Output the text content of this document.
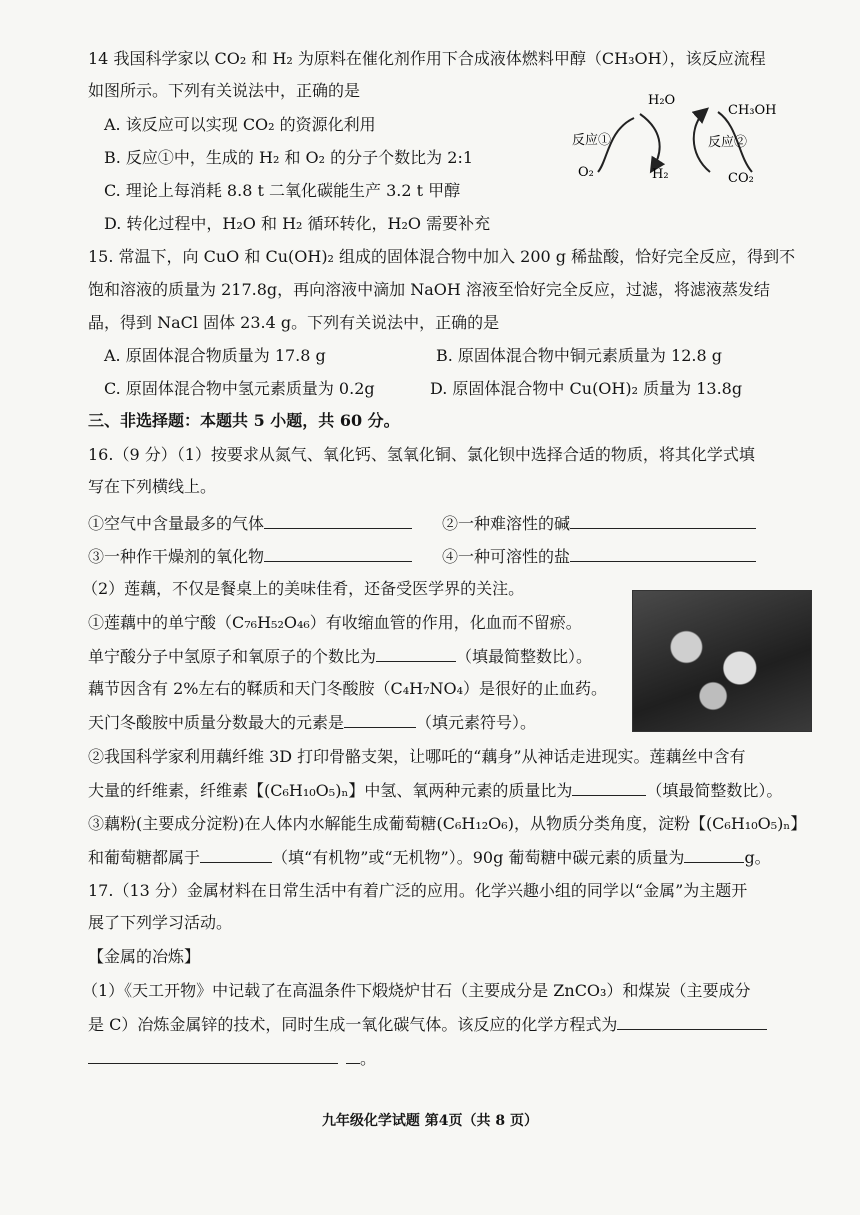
14 我国科学家以 CO₂ 和 H₂ 为原料在催化剂作用下合成液体燃料甲醇（CH₃OH），该反应流程
如图所示。下列有关说法中，正确的是
A. 该反应可以实现 CO₂ 的资源化利用
B. 反应①中，生成的 H₂ 和 O₂ 的分子个数比为 2:1
C. 理论上每消耗 8.8 t 二氧化碳能生产 3.2 t 甲醇
D. 转化过程中，H₂O 和 H₂ 循环转化，H₂O 需要补充
H₂O
CH₃OH
反应①	反应②
O₂	H₂	CO₂
15. 常温下，向 CuO 和 Cu(OH)₂ 组成的固体混合物中加入 200 g 稀盐酸，恰好完全反应，得到不
饱和溶液的质量为 217.8g，再向溶液中滴加 NaOH 溶液至恰好完全反应，过滤，将滤液蒸发结
晶，得到 NaCl 固体 23.4 g。下列有关说法中，正确的是
A. 原固体混合物质量为 17.8 g	B. 原固体混合物中铜元素质量为 12.8 g
C. 原固体混合物中氢元素质量为 0.2g	D. 原固体混合物中 Cu(OH)₂ 质量为 13.8g
三、非选择题：本题共 5 小题，共 60 分。
16.（9 分）（1）按要求从氮气、氧化钙、氢氧化铜、氯化钡中选择合适的物质，将其化学式填
写在下列横线上。
①空气中含量最多的气体	②一种难溶性的碱
③一种作干燥剂的氧化物	④一种可溶性的盐
（2）莲藕，不仅是餐桌上的美味佳肴，还备受医学界的关注。
①莲藕中的单宁酸（C₇₆H₅₂O₄₆）有收缩血管的作用，化血而不留瘀。
单宁酸分子中氢原子和氧原子的个数比为	（填最简整数比）。
藕节因含有 2%左右的鞣质和天门冬酸胺（C₄H₇NO₄）是很好的止血药。
天门冬酸胺中质量分数最大的元素是	（填元素符号）。
②我国科学家利用藕纤维 3D 打印骨骼支架，让哪吒的“藕身”从神话走进现实。莲藕丝中含有
大量的纤维素，纤维素【(C₆H₁₀O₅)ₙ】中氢、氧两种元素的质量比为	（填最简整数比）。
③藕粉(主要成分淀粉)在人体内水解能生成葡萄糖(C₆H₁₂O₆)，从物质分类角度，淀粉【(C₆H₁₀O₅)ₙ】
和葡萄糖都属于	（填“有机物”或“无机物”）。90g 葡萄糖中碳元素的质量为	g。
17.（13 分）金属材料在日常生活中有着广泛的应用。化学兴趣小组的同学以“金属”为主题开
展了下列学习活动。
【金属的冶炼】
（1）《天工开物》中记载了在高温条件下煅烧炉甘石（主要成分是 ZnCO₃）和煤炭（主要成分
是 C）冶炼金属锌的技术，同时生成一氧化碳气体。该反应的化学方程式为
。
九年级化学试题 第4页（共 8 页）
